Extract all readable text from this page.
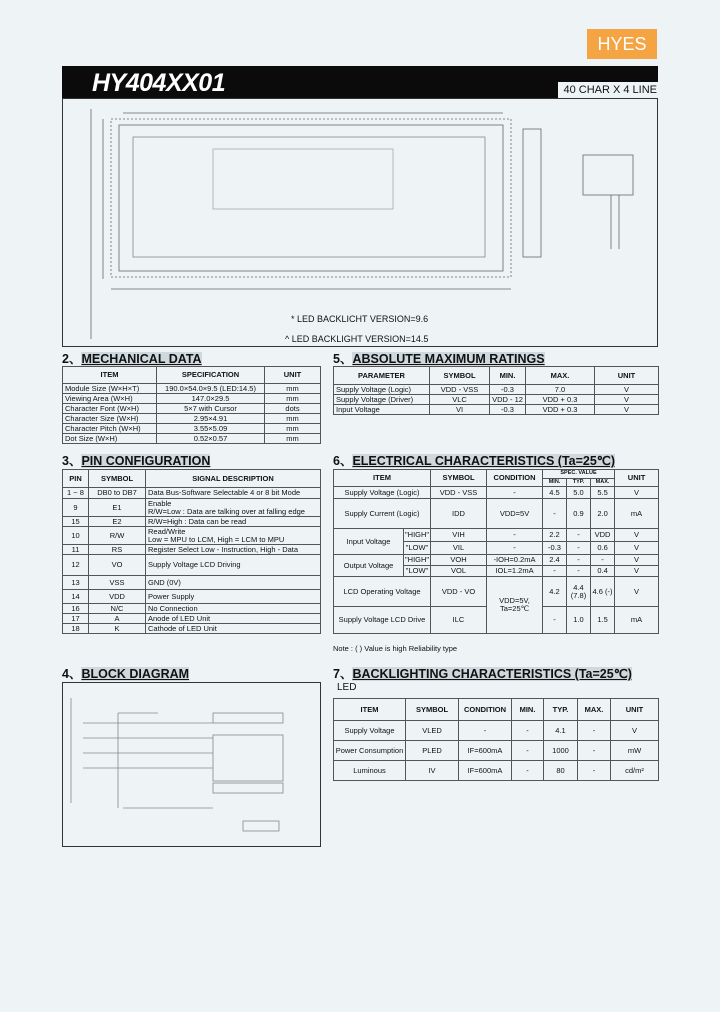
HYES
HY404XX01	40 CHAR X 4 LINE
* LED BACKLICHT VERSION=9.6
^ LED BACKLIGHT VERSION=14.5
2、MECHANICAL DATA
ITEM	SPECIFICATION	UNIT
Module Size (W×H×T)	190.0×54.0×9.5 (LED:14.5)	mm
Viewing Area (W×H)	147.0×29.5	mm
Character Font (W×H)	5×7 with Cursor	dots
Character Size (W×H)	2.95×4.91	mm
Character Pitch (W×H)	3.55×5.09	mm
Dot Size (W×H)	0.52×0.57	mm
5、ABSOLUTE MAXIMUM RATINGS
PARAMETER	SYMBOL	MIN.	MAX.	UNIT
Supply Voltage (Logic)	VDD - VSS	-0.3	7.0	V
Supply Voltage (Driver)	VLC	VDD - 12	VDD + 0.3	V
Input Voltage	VI	-0.3	VDD + 0.3	V
3、PIN CONFIGURATION
PIN	SYMBOL	SIGNAL DESCRIPTION
1 ~ 8	DB0 to DB7	Data Bus-Software Selectable 4 or 8 bit Mode
9	E1	Enable
R/W=Low : Data are talking over at falling edge
15	E2	R/W=High : Data can be read
10	R/W	Read/Write
Low = MPU to LCM, High = LCM to MPU
11	RS	Register Select Low - Instruction, High - Data
12	VO	Supply Voltage LCD Driving
13	VSS	GND (0V)
14	VDD	Power Supply
16	N/C	No Connection
17	A	Anode of LED Unit
18	K	Cathode of LED Unit
6、ELECTRICAL CHARACTERISTICS (Ta=25℃)
ITEM		SYMBOL	CONDITION	SPEC. VALUE			UNIT
				MIN.	TYP.	MAX.	
Supply Voltage (Logic)		VDD - VSS	-	4.5	5.0	5.5	V
Supply Current (Logic)		IDD	VDD=5V	-	0.9	2.0	mA
Input Voltage	"HIGH"	VIH	-	2.2	-	VDD	V
	"LOW"	VIL	-	-0.3	-	0.6	V
Output Voltage	"HIGH"	VOH	-IOH=0.2mA	2.4	-	-	V
	"LOW"	VOL	IOL=1.2mA	-	-	0.4	V
LCD Operating Voltage		VDD - VO	VDD=5V, Ta=25℃	4.2	4.4 (7.8)	4.6 (-)	V
Supply Voltage LCD Drive		ILC		-	1.0	1.5	mA
Note : ( ) Value is high Reliability type
4、BLOCK DIAGRAM	7、BACKLIGHTING CHARACTERISTICS (Ta=25℃)
LED
ITEM	SYMBOL	CONDITION	MIN.	TYP.	MAX.	UNIT
Supply Voltage	VLED	-	-	4.1	-	V
Power Consumption	PLED	IF=600mA	-	1000	-	mW
Luminous	IV	IF=600mA	-	80	-	cd/m²
